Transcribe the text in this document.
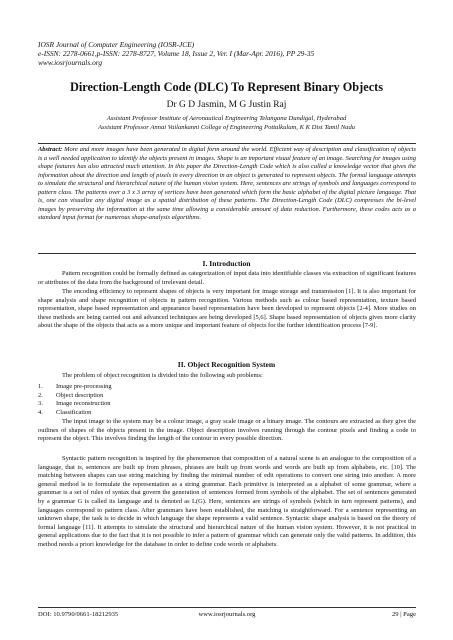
IOSR Journal of Computer Engineering (IOSR-JCE)
e-ISSN: 2278-0661,p-ISSN: 2278-8727, Volume 18, Issue 2, Ver. I (Mar-Apr. 2016), PP 29-35
www.iosrjournals.org
Direction-Length Code (DLC) To Represent Binary Objects
Dr G D Jasmin, M G Justin Raj
Assistant Professor Institute of Aeronautical Engineering Telangana Dundigal, Hyderabad
Assistant Professor Annai Vailankanni College of Engineering Pottalkulam, K K Dist Tamil Nadu

Abstract: More and more images have been generated in digital form around the world. Efficient way of description and classification of objects is a well needed application to identify the objects present in images. Shape is an important visual feature of an image. Searching for images using shape features has also attracted much attention. In this paper the Direction-Length Code which is also called a knowledge vector that gives the information about the direction and length of pixels in every direction in an object is generated to represent objects. The formal language attempts to simulate the structural and hierarchical nature of the human vision system. Here, sentences are strings of symbols and languages correspond to pattern class. The patterns over a 3 x 3 array of vertices have been generated which form the basic alphabet of the digital picture language. That is, one can visualize any digital image as a spatial distribution of these patterns. The Direction-Length Code (DLC) compresses the bi-level images by preserving the information at the same time allowing a considerable amount of data reduction. Furthermore, these codes acts as a standard input format for numerous shape-analysis algorithms.

I. Introduction

Pattern recognition could be formally defined as categorization of input data into identifiable classes via extraction of significant features or attributes of the data from the background of irrelevant detail.

The encoding efficiency to represent shapes of objects is very important for image storage and transmission [1]. It is also important for shape analysis and shape recognition of objects in pattern recognition. Various methods such as colour based representation, texture based representation, shape based representation and appearance based representation have been developed to represent objects [2-4]. More studies on these methods are being carried out and advanced techniques are being developed [5,6]. Shape based representation of objects gives more clarity about the shape of the objects that acts as a more unique and important feature of objects for the further identification process [7-9].

II. Object Recognition System

The problem of object recognition is divided into the following sub problems:

1. Image pre-processing
2. Object description
3. Image reconstruction
4. Classification

The input image to the system may be a colour image, a gray scale image or a binary image. The contours are extracted as they give the outlines of shapes of the objects present in the image. Object description involves running through the contour pixels and finding a code to represent the object. This involves finding the length of the contour in every possible direction.

Syntactic pattern recognition is inspired by the phenomenon that composition of a natural scene is an analogue to the composition of a language, that is, sentences are built up from phrases, phrases are built up from words and words are built up from alphabets, etc. [10]. The matching between shapes can use string matching by finding the minimal number of edit operations to convert one string into another. A more general method is to formulate the representation as a string grammar. Each primitive is interpreted as a alphabet of some grammar, where a grammar is a set of rules of syntax that govern the generation of sentences formed from symbols of the alphabet. The set of sentences generated by a grammar G is called its language and is denoted as L(G). Here, sentences are strings of symbols (which in turn represent patterns), and languages correspond to pattern class. After grammars have been established, the matching is straightforward. For a sentence representing an unknown shape, the task is to decide in which language the shape represents a valid sentence. Syntactic shape analysis is based on the theory of formal language [11]. It attempts to simulate the structural and hierarchical nature of the human vision system. However, it is not practical in general applications due to the fact that it is not possible to infer a pattern of grammar which can generate only the valid patterns. In addition, this method needs a priori knowledge for the database in order to define code words or alphabets.

DOI: 10.9790/0661-18212935	www.iosrjournals.org	29 | Page
